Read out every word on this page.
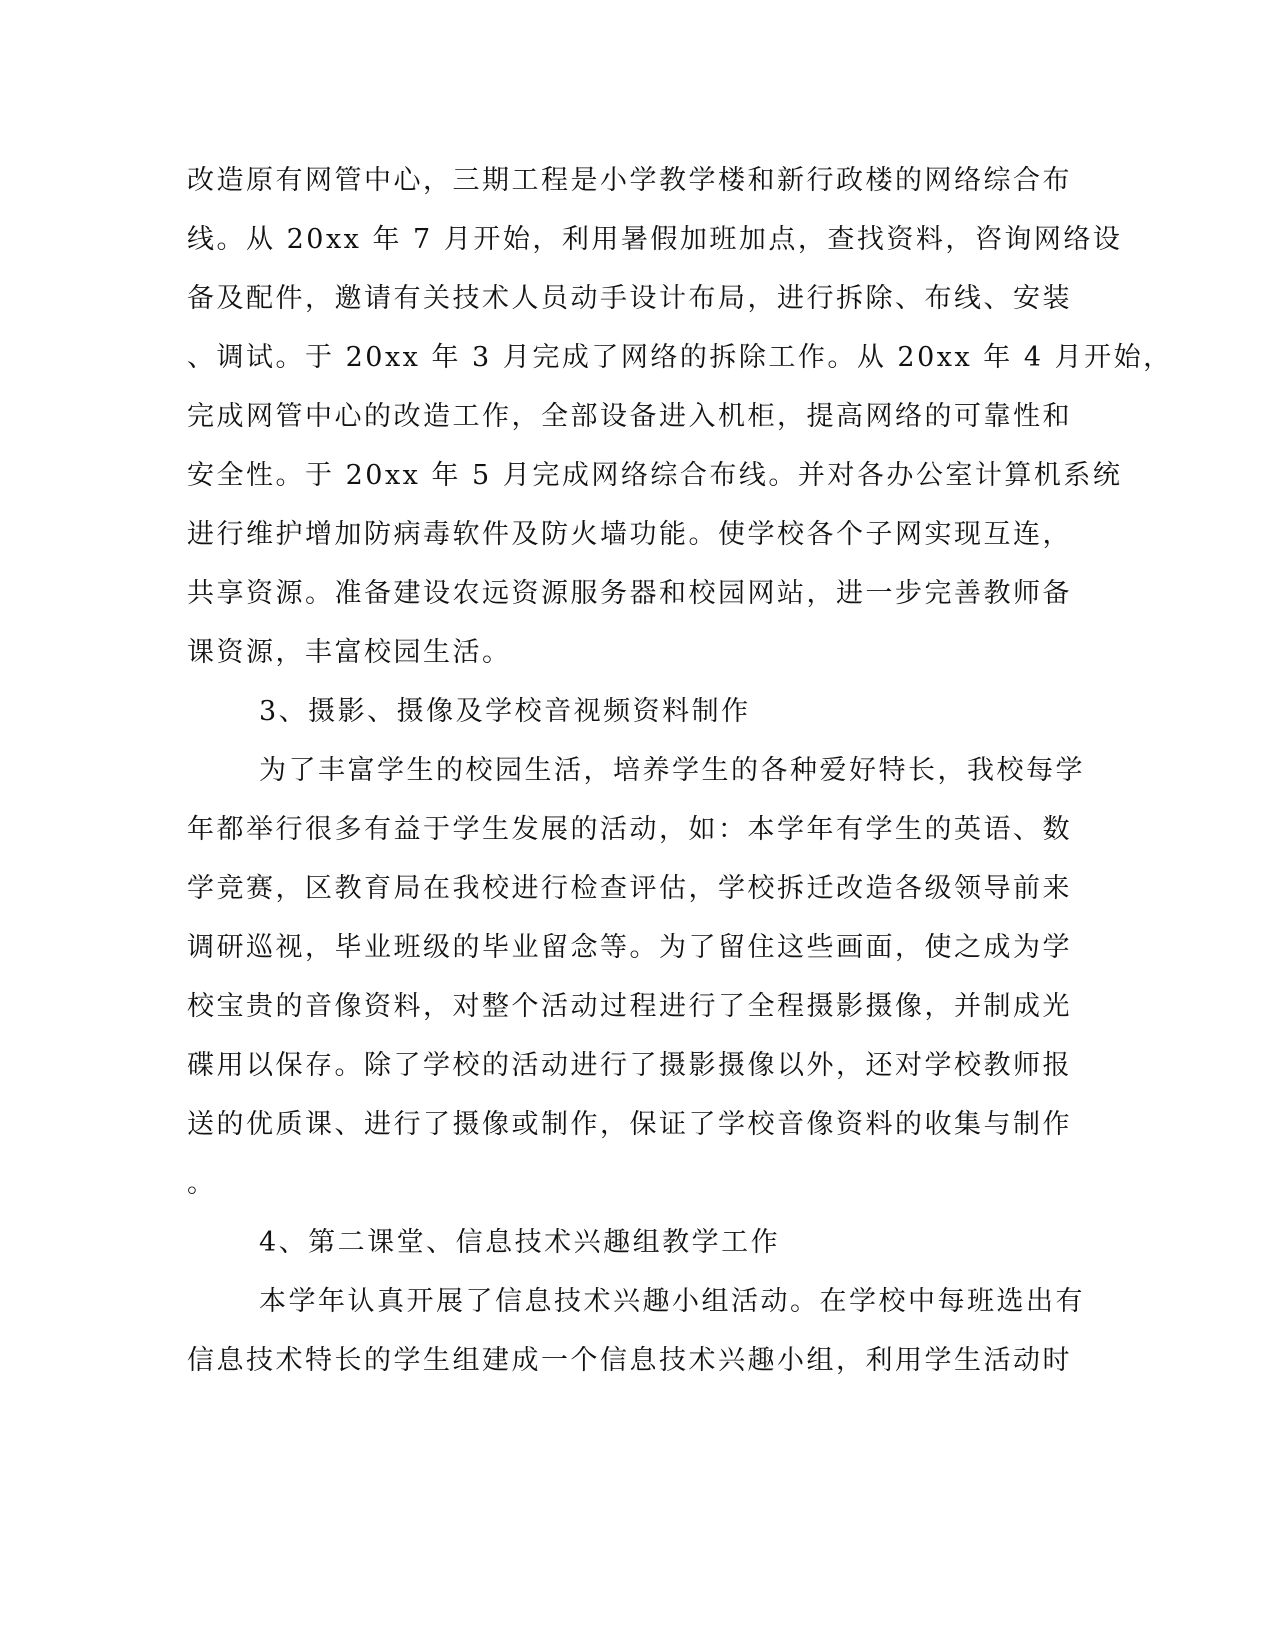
改造原有网管中心，三期工程是小学教学楼和新行政楼的网络综合布
线。从 20xx 年 7 月开始，利用暑假加班加点，查找资料，咨询网络设
备及配件，邀请有关技术人员动手设计布局，进行拆除、布线、安装
、调试。于 20xx 年 3 月完成了网络的拆除工作。从 20xx 年 4 月开始，
完成网管中心的改造工作，全部设备进入机柜，提高网络的可靠性和
安全性。于 20xx 年 5 月完成网络综合布线。并对各办公室计算机系统
进行维护增加防病毒软件及防火墙功能。使学校各个子网实现互连，
共享资源。准备建设农远资源服务器和校园网站，进一步完善教师备
课资源，丰富校园生活。
3、摄影、摄像及学校音视频资料制作
为了丰富学生的校园生活，培养学生的各种爱好特长，我校每学
年都举行很多有益于学生发展的活动，如：本学年有学生的英语、数
学竞赛，区教育局在我校进行检查评估，学校拆迁改造各级领导前来
调研巡视，毕业班级的毕业留念等。为了留住这些画面，使之成为学
校宝贵的音像资料，对整个活动过程进行了全程摄影摄像，并制成光
碟用以保存。除了学校的活动进行了摄影摄像以外，还对学校教师报
送的优质课、进行了摄像或制作，保证了学校音像资料的收集与制作
。
4、第二课堂、信息技术兴趣组教学工作
本学年认真开展了信息技术兴趣小组活动。在学校中每班选出有
信息技术特长的学生组建成一个信息技术兴趣小组，利用学生活动时
